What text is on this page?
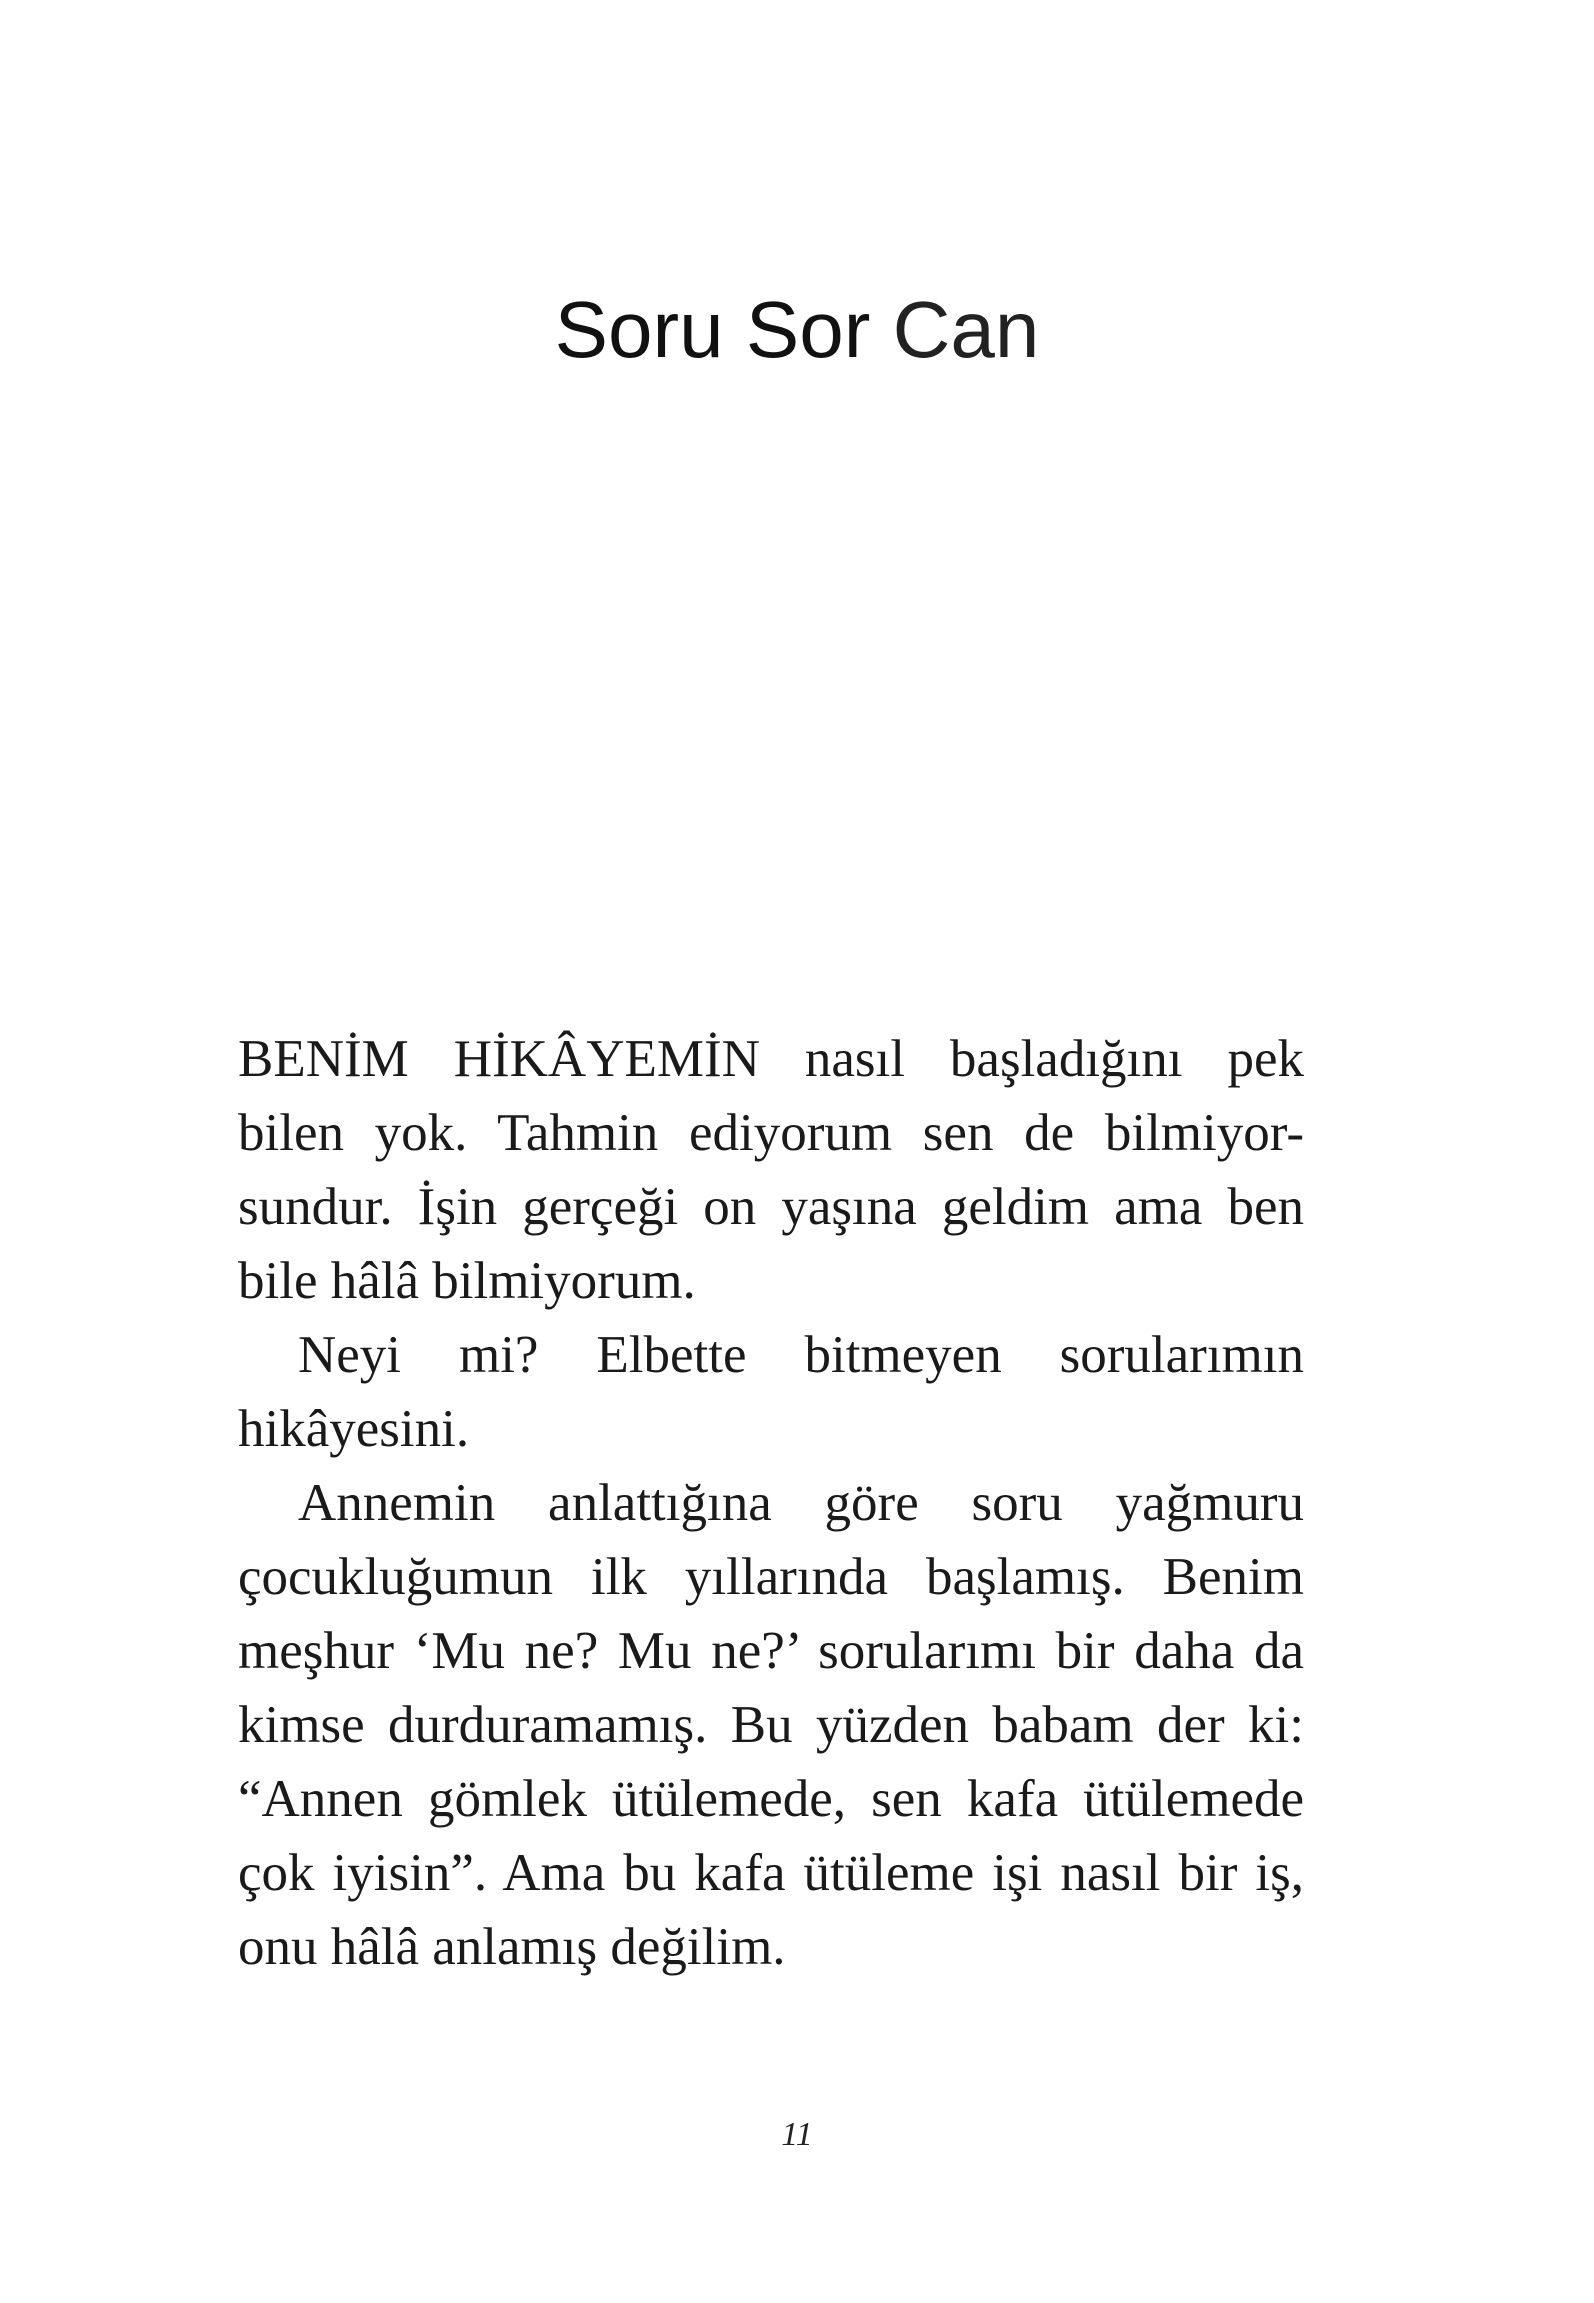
Soru Sor Can
BENİM HİKÂYEMİN nasıl başladığını pek
bilen yok. Tahmin ediyorum sen de bilmiyor-
sundur. İşin gerçeği on yaşına geldim ama ben
bile hâlâ bilmiyorum.
Neyi mi? Elbette bitmeyen sorularımın
hikâyesini.
Annemin anlattığına göre soru yağmuru
çocukluğumun ilk yıllarında başlamış. Benim
meşhur ‘Mu ne? Mu ne?’ sorularımı bir daha da
kimse durduramamış. Bu yüzden babam der ki:
“Annen gömlek ütülemede, sen kafa ütülemede
çok iyisin”. Ama bu kafa ütüleme işi nasıl bir iş,
onu hâlâ anlamış değilim.
11
